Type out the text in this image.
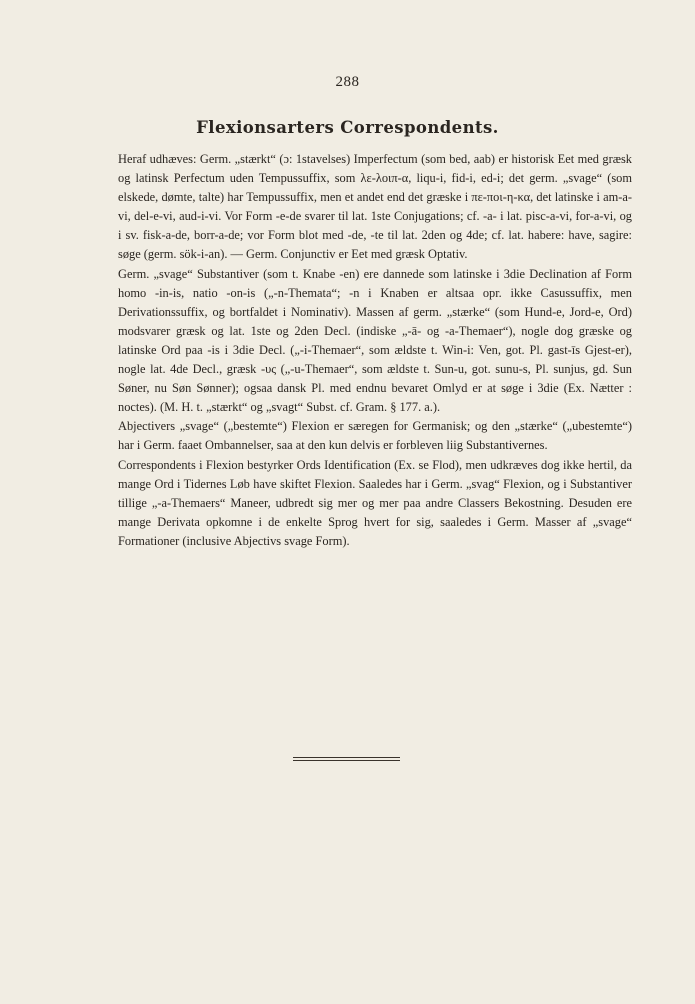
288
Flexionsarters Correspondents.

Heraf udhæves: Germ. „stærkt“ (ɔ: 1stavelses) Imperfectum (som bed, aab) er historisk Eet med græsk og latinsk Perfectum uden Tempussuffix, som λε-λοιπ-α, liqu-i, fid-i, ed-i; det germ. „svage“ (som elskede, dømte, talte) har Tempussuffix, men et andet end det græske i πε-ποι-η-κα, det latinske i am-a-vi, del-e-vi, aud-i-vi. Vor Form -e-de svarer til lat. 1ste Conjugations; cf. -a- i lat. pisc-a-vi, for-a-vi, og i sv. fisk-a-de, borr-a-de; vor Form blot med -de, -te til lat. 2den og 4de; cf. lat. habere: have, sagire: søge (germ. sök-i-an). — Germ. Conjunctiv er Eet med græsk Optativ.

Germ. „svage“ Substantiver (som t. Knabe -en) ere dannede som latinske i 3die Declination af Form homo -in-is, natio -on-is („-n-Themata“; -n i Knaben er altsaa opr. ikke Casussuffix, men Derivationssuffix, og bortfaldet i Nominativ). Massen af germ. „stærke“ (som Hund-e, Jord-e, Ord) modsvarer græsk og lat. 1ste og 2den Decl. (indiske „-ā- og -a-Themaer“), nogle dog græske og latinske Ord paa -is i 3die Decl. („-i-Themaer“, som ældste t. Win-i: Ven, got. Pl. gast-īs Gjest-er), nogle lat. 4de Decl., græsk -υς („-u-Themaer“, som ældste t. Sun-u, got. sunu-s, Pl. sunjus, gd. Sun Søner, nu Søn Sønner); ogsaa dansk Pl. med endnu bevaret Omlyd er at søge i 3die (Ex. Nætter : noctes). (M. H. t. „stærkt“ og „svagt“ Subst. cf. Gram. § 177. a.).

Abjectivers „svage“ („bestemte“) Flexion er særegen for Germanisk; og den „stærke“ („ubestemte“) har i Germ. faaet Ombannelser, saa at den kun delvis er forbleven liig Substantivernes.

Correspondents i Flexion bestyrker Ords Identification (Ex. se Flod), men udkræves dog ikke hertil, da mange Ord i Tidernes Løb have skiftet Flexion. Saaledes har i Germ. „svag“ Flexion, og i Substantiver tillige „-a-Themaers“ Maneer, udbredt sig mer og mer paa andre Classers Bekostning. Desuden ere mange Derivata opkomne i de enkelte Sprog hvert for sig, saaledes i Germ. Masser af „svage“ Formationer (inclusive Abjectivs svage Form).
